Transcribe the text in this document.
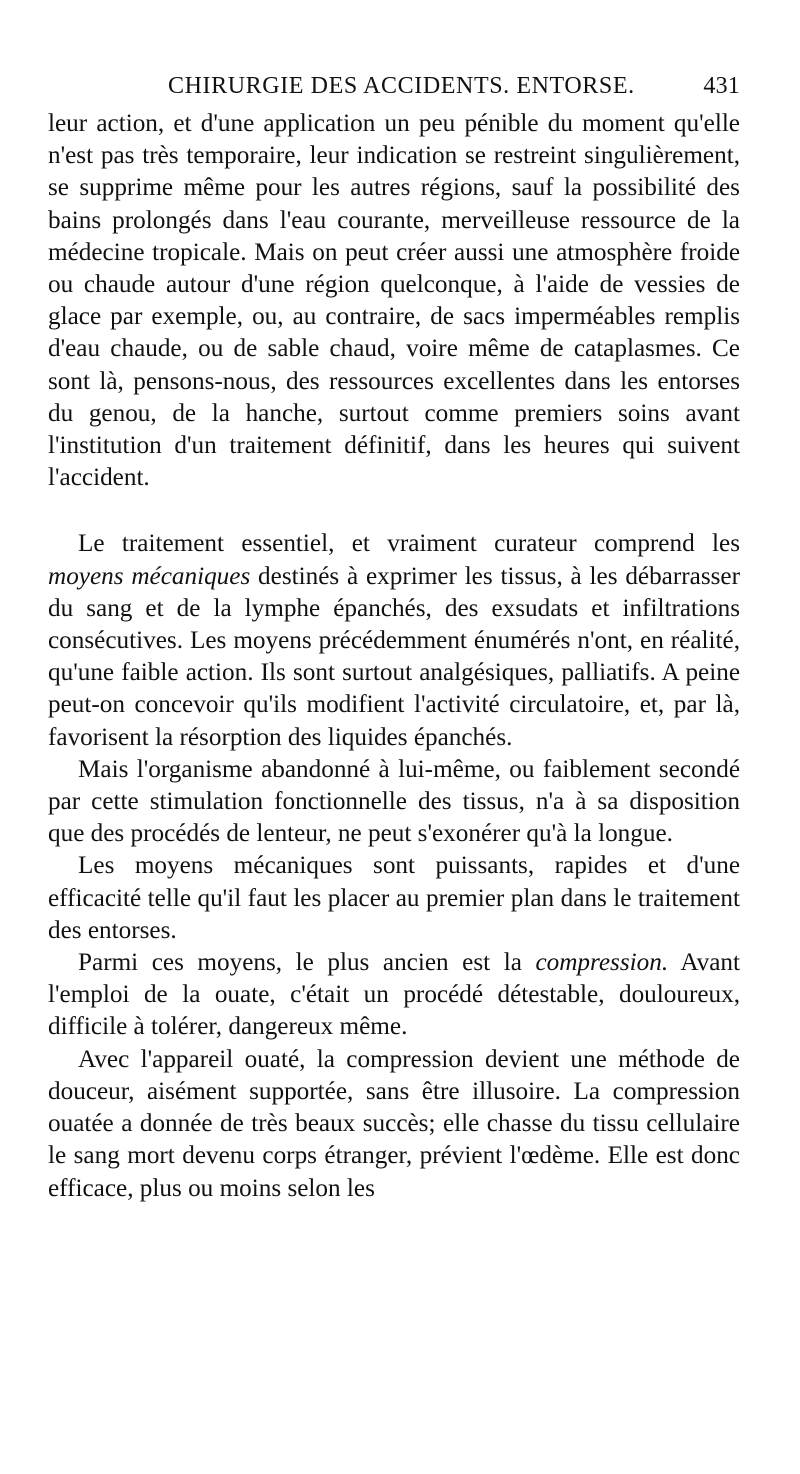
CHIRURGIE DES ACCIDENTS. ENTORSE.	431

leur action, et d'une application un peu pénible du moment qu'elle n'est pas très temporaire, leur indication se restreint singulièrement, se supprime même pour les autres régions, sauf la possibilité des bains prolongés dans l'eau courante, merveilleuse ressource de la médecine tropicale. Mais on peut créer aussi une atmosphère froide ou chaude autour d'une région quelconque, à l'aide de vessies de glace par exemple, ou, au contraire, de sacs imperméables remplis d'eau chaude, ou de sable chaud, voire même de cataplasmes. Ce sont là, pensons-nous, des ressources excellentes dans les entorses du genou, de la hanche, surtout comme premiers soins avant l'institution d'un traitement définitif, dans les heures qui suivent l'accident.

Le traitement essentiel, et vraiment curateur comprend les moyens mécaniques destinés à exprimer les tissus, à les débarrasser du sang et de la lymphe épanchés, des exsudats et infiltrations consécutives. Les moyens précédemment énumérés n'ont, en réalité, qu'une faible action. Ils sont surtout analgésiques, palliatifs. A peine peut-on concevoir qu'ils modifient l'activité circulatoire, et, par là, favorisent la résorption des liquides épanchés.

Mais l'organisme abandonné à lui-même, ou faiblement secondé par cette stimulation fonctionnelle des tissus, n'a à sa disposition que des procédés de lenteur, ne peut s'exonérer qu'à la longue.

Les moyens mécaniques sont puissants, rapides et d'une efficacité telle qu'il faut les placer au premier plan dans le traitement des entorses.

Parmi ces moyens, le plus ancien est la compression. Avant l'emploi de la ouate, c'était un procédé détestable, douloureux, difficile à tolérer, dangereux même.

Avec l'appareil ouaté, la compression devient une méthode de douceur, aisément supportée, sans être illusoire. La compression ouatée a donnée de très beaux succès; elle chasse du tissu cellulaire le sang mort devenu corps étranger, prévient l'œdème. Elle est donc efficace, plus ou moins selon les
